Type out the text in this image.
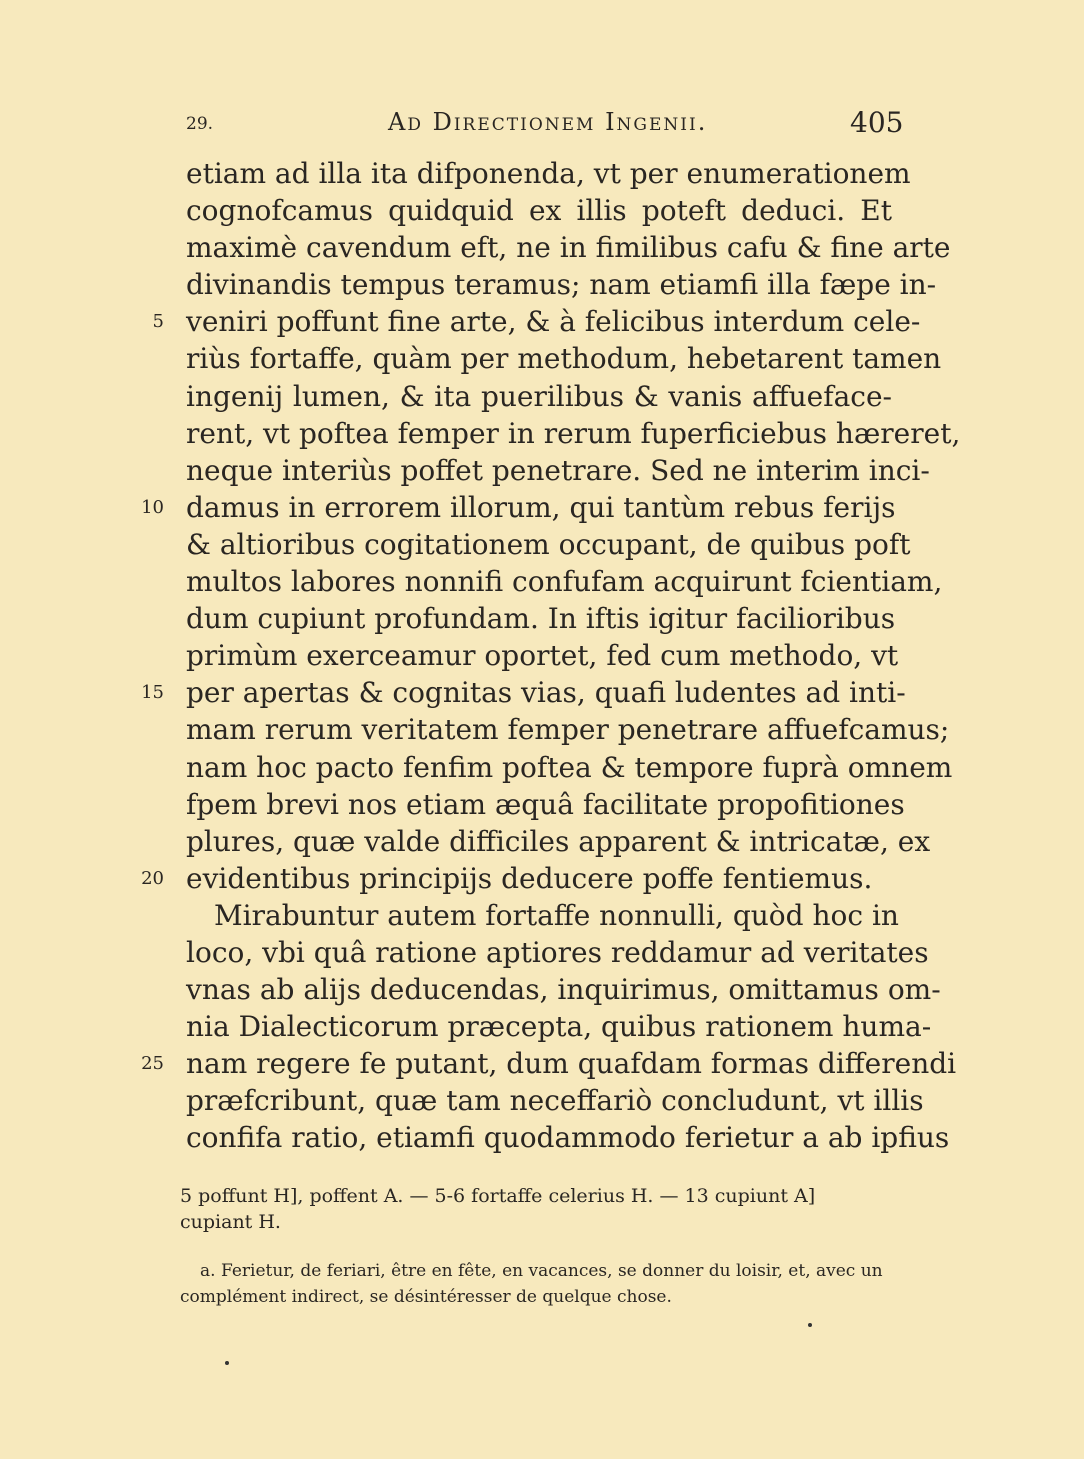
29.	Ad Directionem Ingenii.	405
etiam ad illa ita difponenda, vt per enumerationem
cognofcamus quidquid ex illis poteft deduci. Et
maximè cavendum eft, ne in fimilibus cafu & fine arte
divinandis tempus teramus; nam etiamfi illa fæpe in-
5 veniri poffunt fine arte, & à felicibus interdum cele-
riùs fortaffe, quàm per methodum, hebetarent tamen
ingenij lumen, & ita puerilibus & vanis affuefacе-
rent, vt poftea femper in rerum fuperficiebus hæreret,
neque interiùs poffet penetrare. Sed ne interim inci-
10 damus in errorem illorum, qui tantùm rebus ferijs
& altioribus cogitationem occupant, de quibus poft
multos labores nonnifi confufam acquirunt fcientiam,
dum cupiunt profundam. In iftis igitur facilioribus
primùm exerceamur oportet, fed cum methodo, vt
15 per apertas & cognitas vias, quafi ludentes ad inti-
mam rerum veritatem femper penetrare affuefcamus;
nam hoc pacto fenfim poftea & tempore fuprà omnem
fpem brevi nos etiam æquâ facilitate propofitiones
plures, quæ valde difficiles apparent & intricatæ, ex
20 evidentibus principijs deducere poffe fentiemus.
Mirabuntur autem fortaffe nonnulli, quòd hoc in
loco, vbi quâ ratione aptiores reddamur ad veritates
vnas ab alijs deducendas, inquirimus, omittamus om-
nia Dialecticorum præcepta, quibus rationem huma-
25 nam regere fe putant, dum quafdam formas differendi
præfcribunt, quæ tam neceffariò concludunt, vt illis
confifa ratio, etiamfi quodammodo ferietur a ab ipfius
5 poffunt H], poffent A. — 5-6 fortaffe celerius H. — 13 cupiunt A] cupiant H.
a. Ferietur, de feriari, être en fête, en vacances, se donner du loisir, et, avec un complément indirect, se désintéresser de quelque chose.
